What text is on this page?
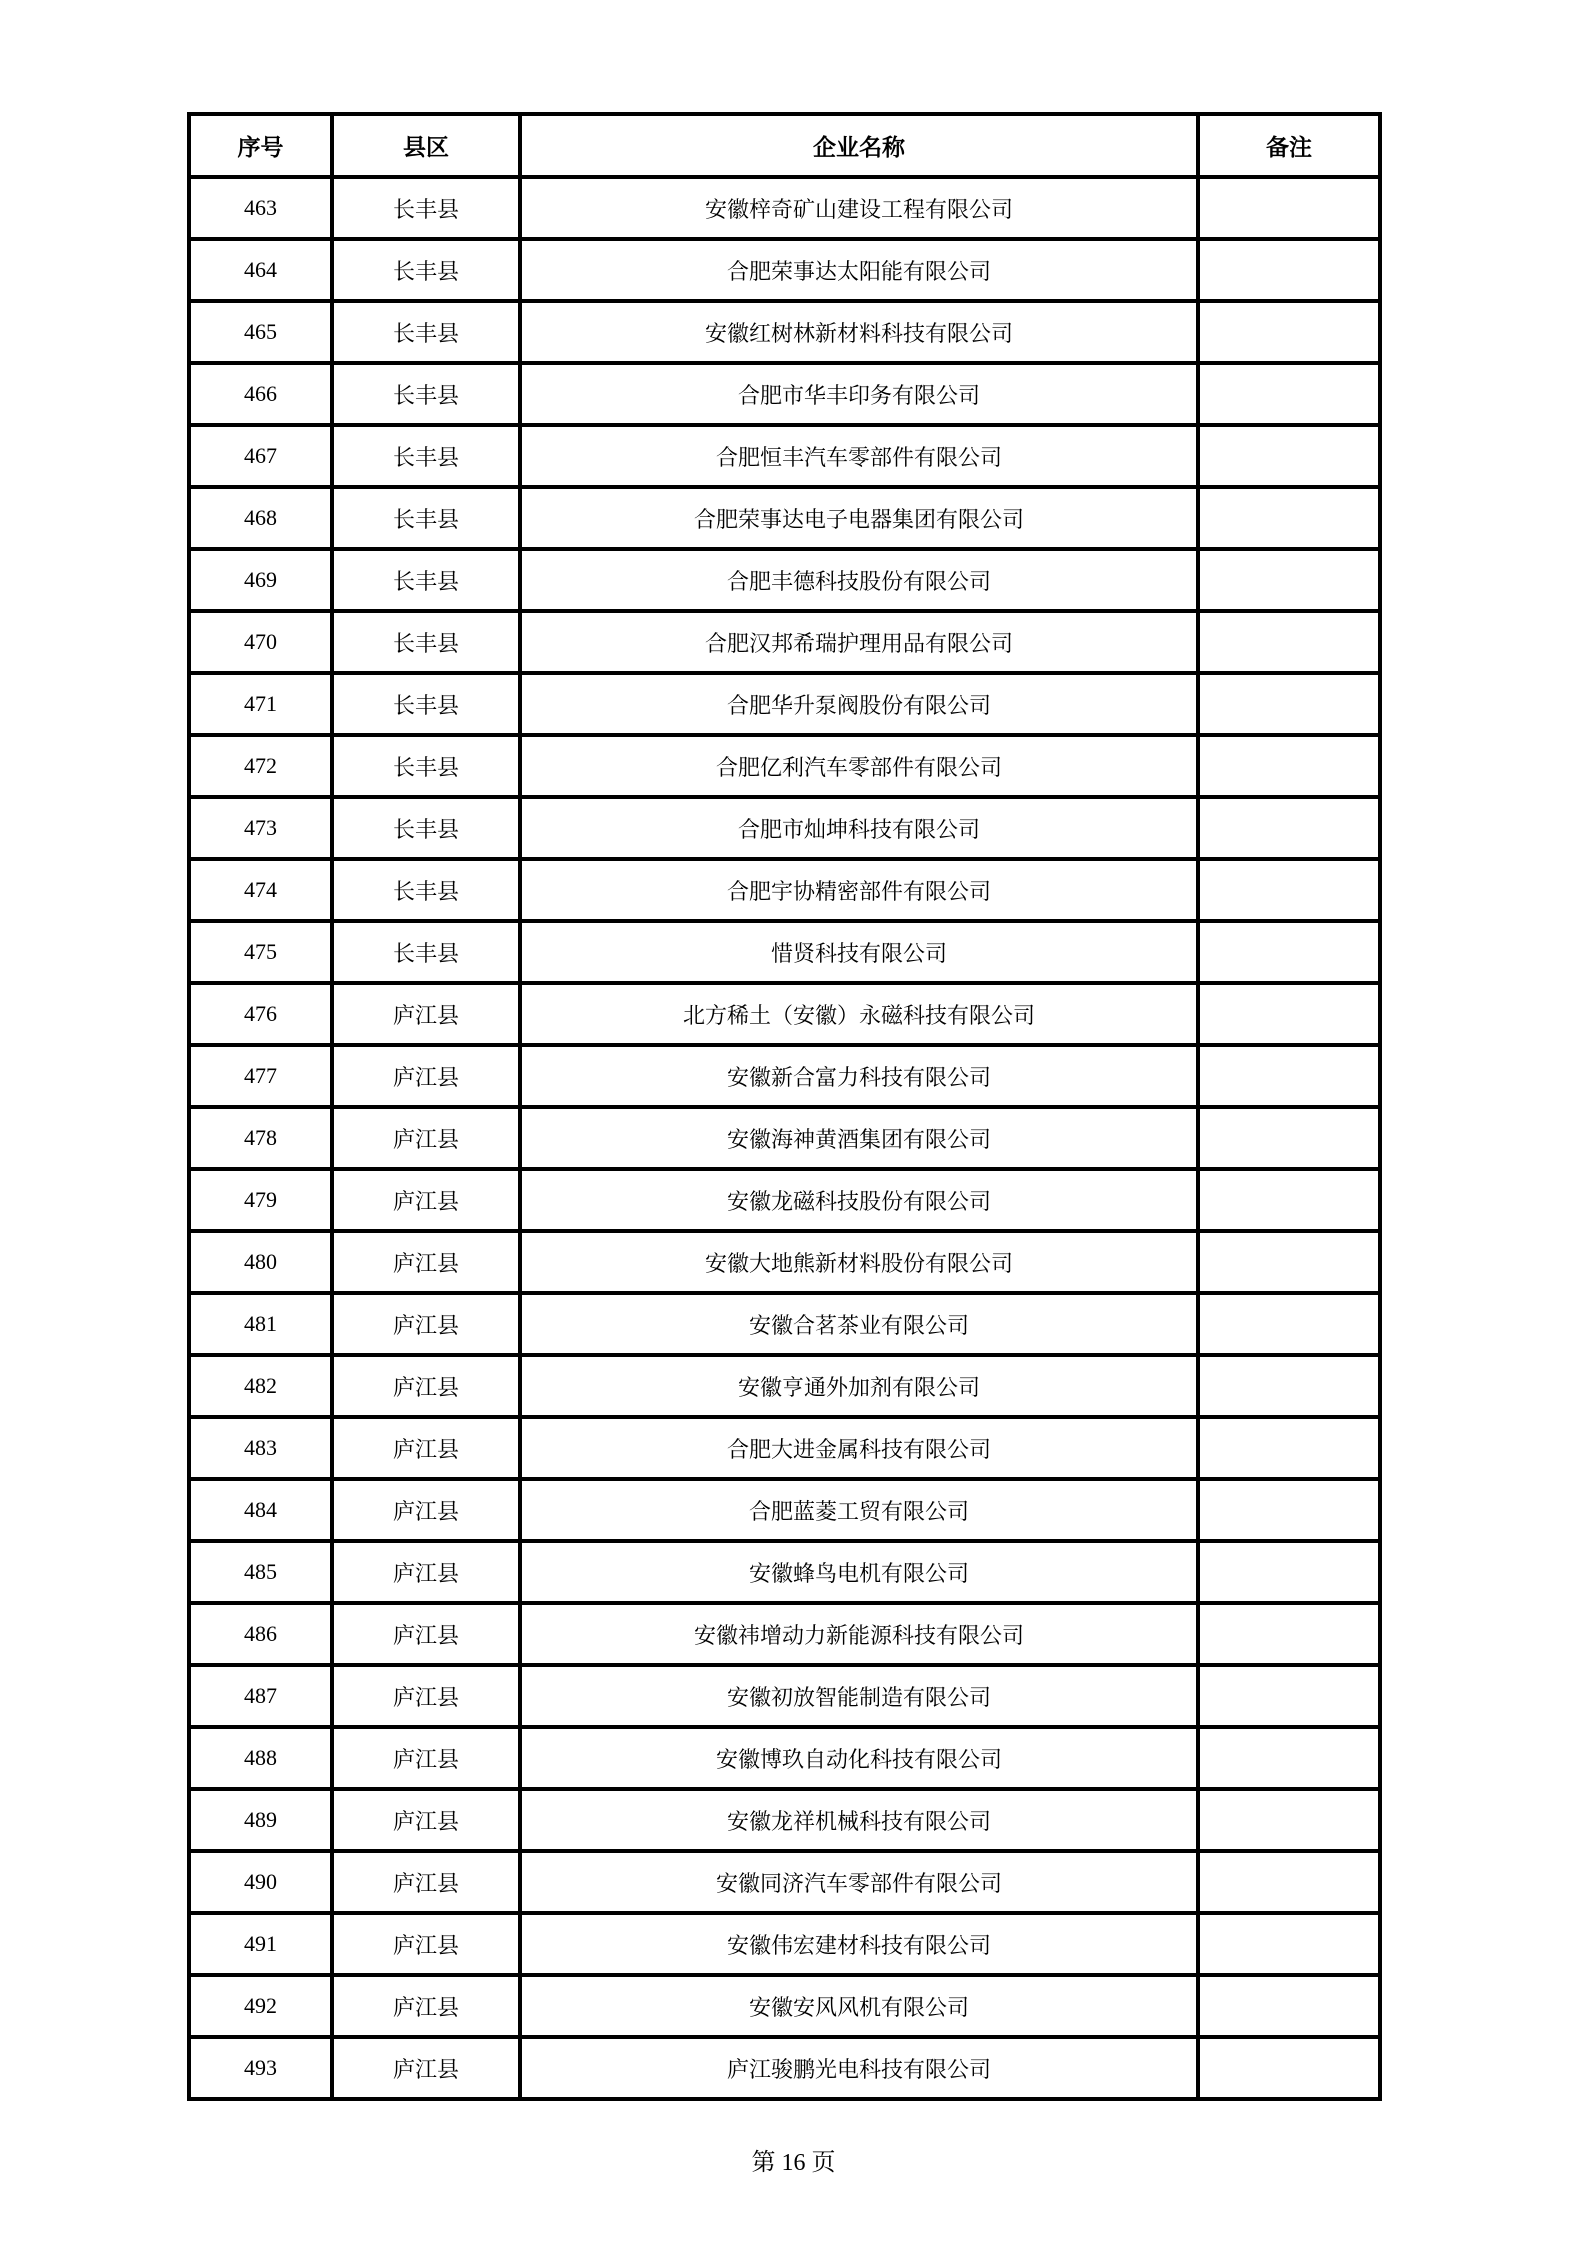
序号	县区	企业名称	备注
463	长丰县	安徽梓奇矿山建设工程有限公司	
464	长丰县	合肥荣事达太阳能有限公司	
465	长丰县	安徽红树林新材料科技有限公司	
466	长丰县	合肥市华丰印务有限公司	
467	长丰县	合肥恒丰汽车零部件有限公司	
468	长丰县	合肥荣事达电子电器集团有限公司	
469	长丰县	合肥丰德科技股份有限公司	
470	长丰县	合肥汉邦希瑞护理用品有限公司	
471	长丰县	合肥华升泵阀股份有限公司	
472	长丰县	合肥亿利汽车零部件有限公司	
473	长丰县	合肥市灿坤科技有限公司	
474	长丰县	合肥宇协精密部件有限公司	
475	长丰县	惜贤科技有限公司	
476	庐江县	北方稀土（安徽）永磁科技有限公司	
477	庐江县	安徽新合富力科技有限公司	
478	庐江县	安徽海神黄酒集团有限公司	
479	庐江县	安徽龙磁科技股份有限公司	
480	庐江县	安徽大地熊新材料股份有限公司	
481	庐江县	安徽合茗茶业有限公司	
482	庐江县	安徽亨通外加剂有限公司	
483	庐江县	合肥大进金属科技有限公司	
484	庐江县	合肥蓝菱工贸有限公司	
485	庐江县	安徽蜂鸟电机有限公司	
486	庐江县	安徽祎增动力新能源科技有限公司	
487	庐江县	安徽初放智能制造有限公司	
488	庐江县	安徽博玖自动化科技有限公司	
489	庐江县	安徽龙祥机械科技有限公司	
490	庐江县	安徽同济汽车零部件有限公司	
491	庐江县	安徽伟宏建材科技有限公司	
492	庐江县	安徽安风风机有限公司	
493	庐江县	庐江骏鹏光电科技有限公司	
第 16 页
